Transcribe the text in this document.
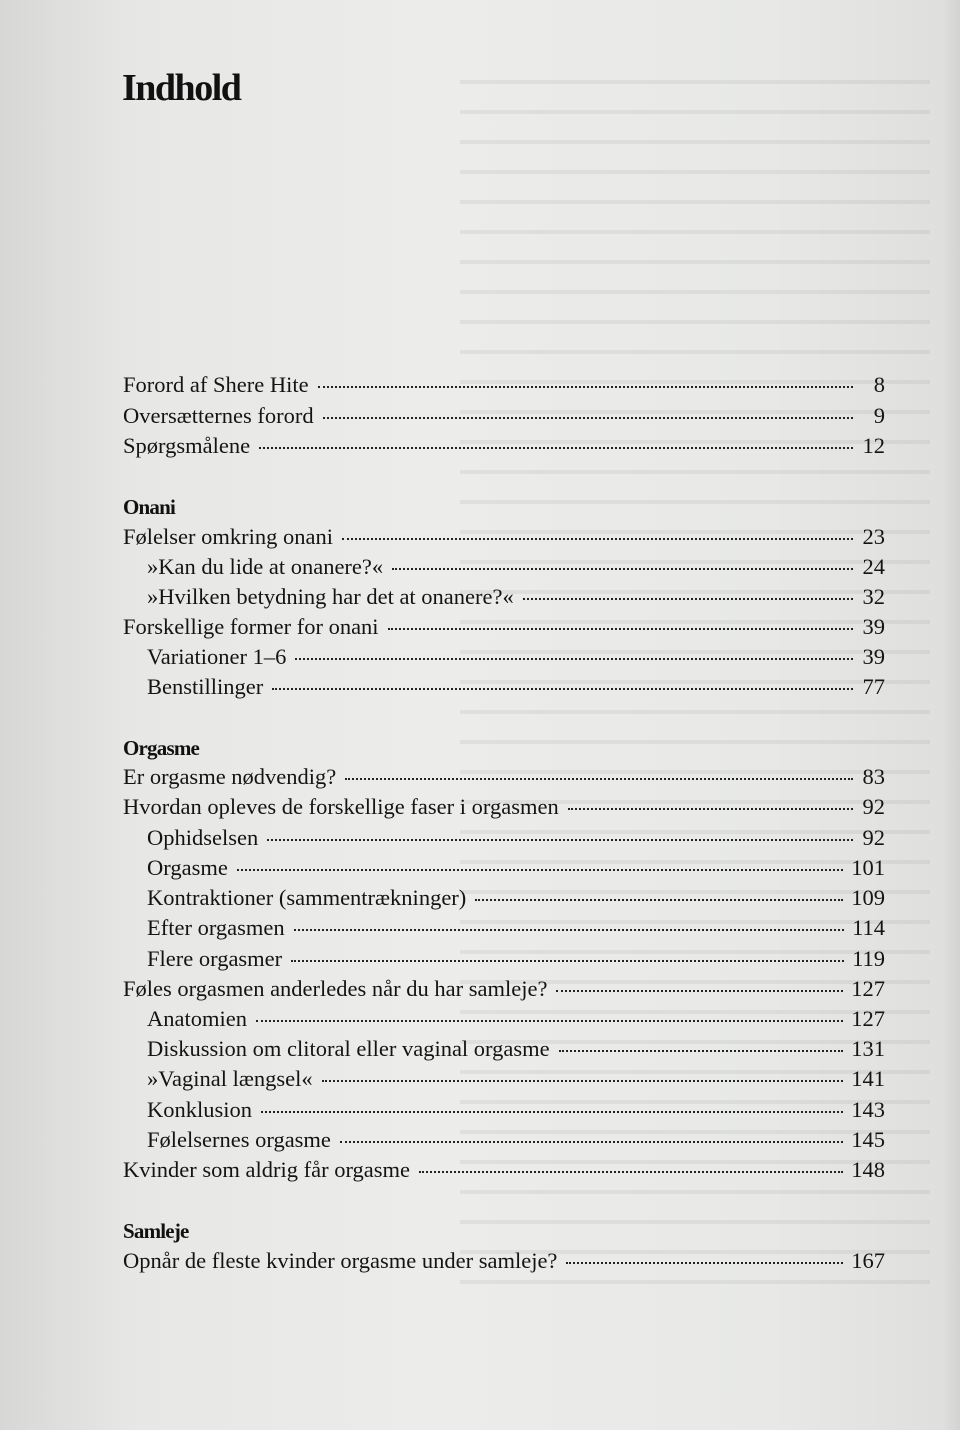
Indhold
Forord af Shere Hite	8
Oversætternes forord	9
Spørgsmålene	12
Onani
Følelser omkring onani	23
»Kan du lide at onanere?«	24
»Hvilken betydning har det at onanere?«	32
Forskellige former for onani	39
Variationer 1–6	39
Benstillinger	77
Orgasme
Er orgasme nødvendig?	83
Hvordan opleves de forskellige faser i orgasmen	92
Ophidselsen	92
Orgasme	101
Kontraktioner (sammentrækninger)	109
Efter orgasmen	114
Flere orgasmer	119
Føles orgasmen anderledes når du har samleje?	127
Anatomien	127
Diskussion om clitoral eller vaginal orgasme	131
»Vaginal længsel«	141
Konklusion	143
Følelsernes orgasme	145
Kvinder som aldrig får orgasme	148
Samleje
Opnår de fleste kvinder orgasme under samleje?	167
